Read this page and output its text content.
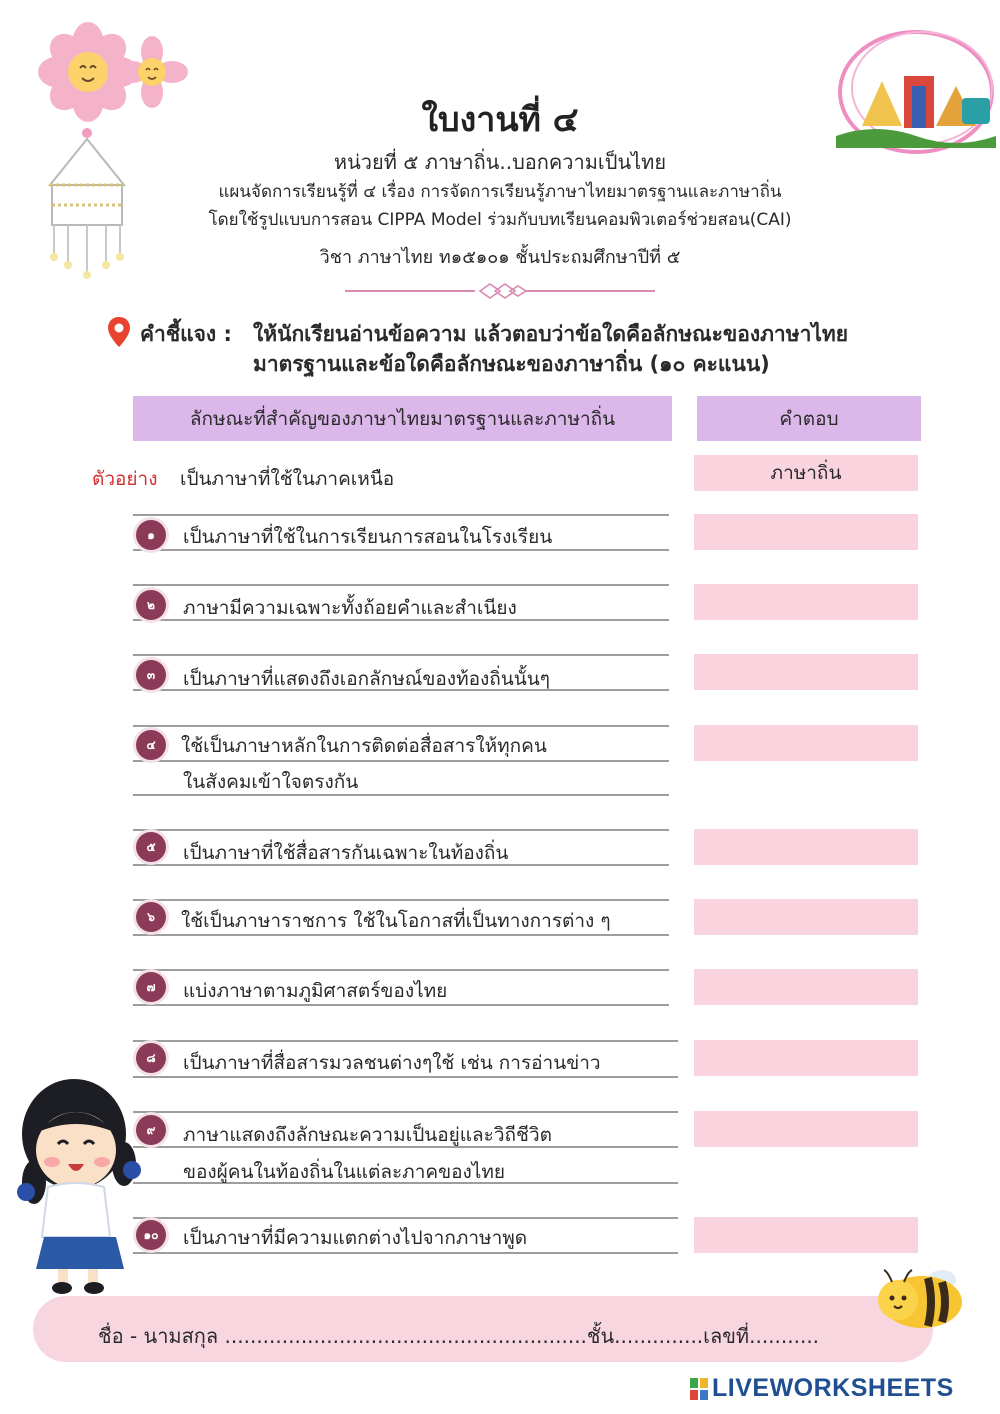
ใบงานที่ ๔
หน่วยที่ ๕ ภาษาถิ่น..บอกความเป็นไทย
แผนจัดการเรียนรู้ที่ ๔ เรื่อง การจัดการเรียนรู้ภาษาไทยมาตรฐานและภาษาถิ่น
โดยใช้รูปแบบการสอน CIPPA Model ร่วมกับบทเรียนคอมพิวเตอร์ช่วยสอน(CAI)
วิชา ภาษาไทย ท๑๕๑๐๑ ชั้นประถมศึกษาปีที่ ๕
คำชี้แจง : ให้นักเรียนอ่านข้อความ แล้วตอบว่าข้อใดคือลักษณะของภาษาไทย
มาตรฐานและข้อใดคือลักษณะของภาษาถิ่น (๑๐ คะแนน)
ลักษณะที่สำคัญของภาษาไทยมาตรฐานและภาษาถิ่น	คำตอบ
ตัวอย่าง เป็นภาษาที่ใช้ในภาคเหนือ	ภาษาถิ่น
๑	เป็นภาษาที่ใช้ในการเรียนการสอนในโรงเรียน
๒	ภาษามีความเฉพาะทั้งถ้อยคำและสำเนียง
๓	เป็นภาษาที่แสดงถึงเอกลักษณ์ของท้องถิ่นนั้นๆ
๔	ใช้เป็นภาษาหลักในการติดต่อสื่อสารให้ทุกคน
ในสังคมเข้าใจตรงกัน
๕	เป็นภาษาที่ใช้สื่อสารกันเฉพาะในท้องถิ่น
๖	ใช้เป็นภาษาราชการ ใช้ในโอกาสที่เป็นทางการต่าง ๆ
๗	แบ่งภาษาตามภูมิศาสตร์ของไทย
๘	เป็นภาษาที่สื่อสารมวลชนต่างๆใช้ เช่น การอ่านข่าว
๙	ภาษาแสดงถึงลักษณะความเป็นอยู่และวิถีชีวิต
ของผู้คนในท้องถิ่นในแต่ละภาคของไทย
๑๐	เป็นภาษาที่มีความแตกต่างไปจากภาษาพูด
ชื่อ - นามสกุล .........................................................ชั้น..............เลขที่...........
LIVEWORKSHEETS
